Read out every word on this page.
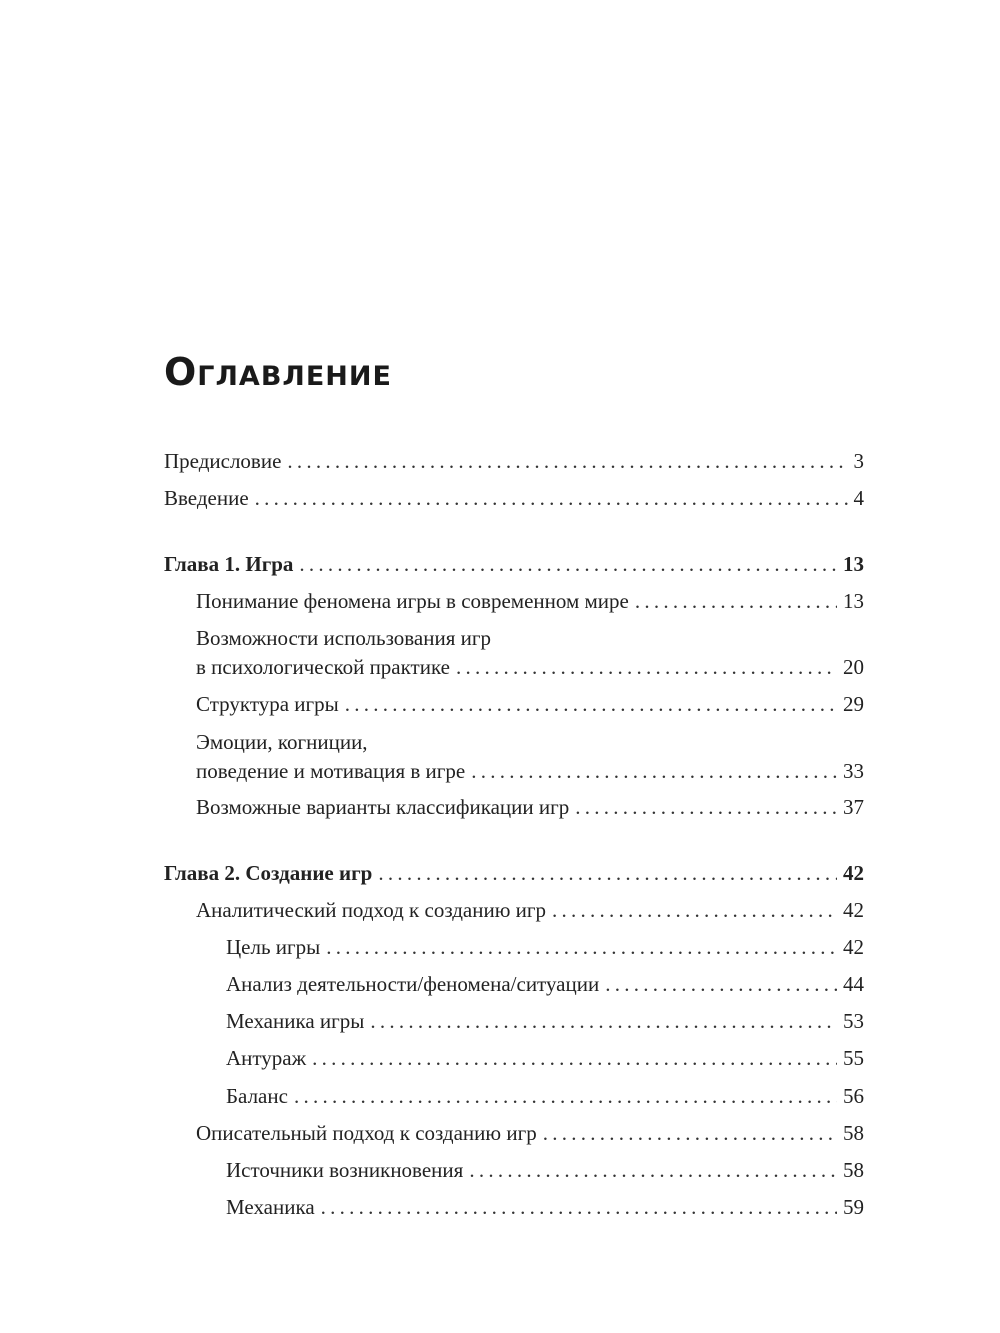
Оглавление
Предисловие . . .	3
Введение . . .	4
Глава 1. Игра . . .	13
Понимание феномена игры в современном мире . . .	13
Возможности использования игр
в психологической практике . . .	20
Структура игры . . .	29
Эмоции, когниции,
поведение и мотивация в игре . . .	33
Возможные варианты классификации игр . . .	37
Глава 2. Создание игр . . .	42
Аналитический подход к созданию игр . . .	42
Цель игры . . .	42
Анализ деятельности/феномена/ситуации . . .	44
Механика игры . . .	53
Антураж . . .	55
Баланс . . .	56
Описательный подход к созданию игр . . .	58
Источники возникновения . . .	58
Механика . . .	59
